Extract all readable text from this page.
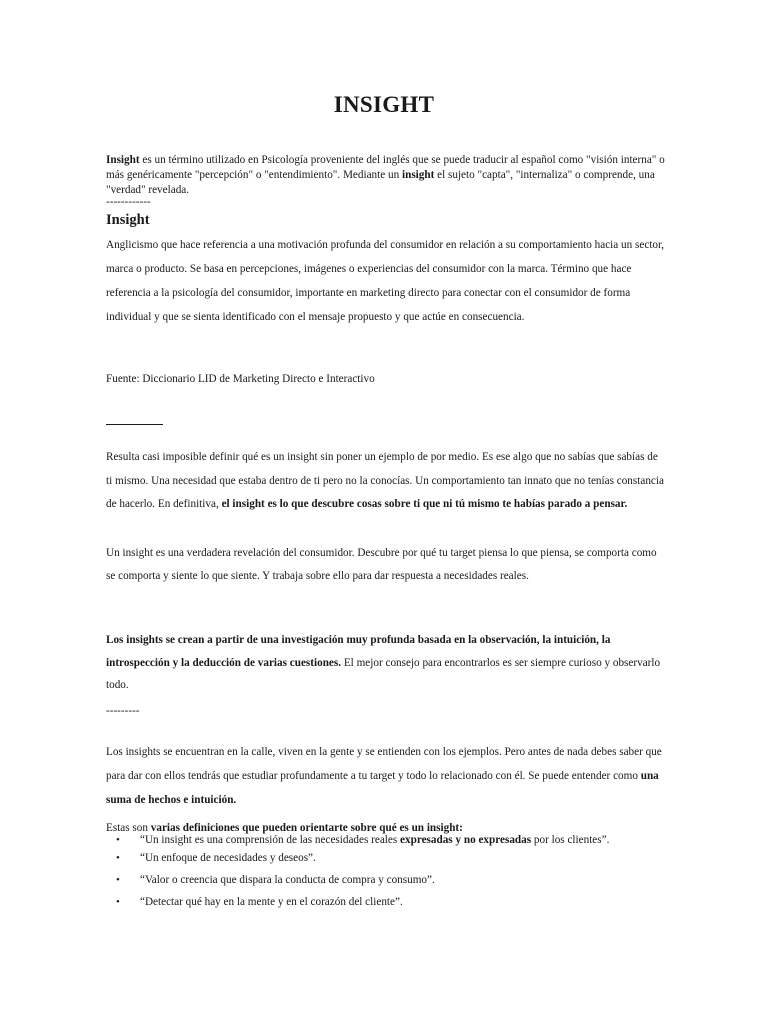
INSIGHT

Insight es un término utilizado en Psicología proveniente del inglés que se puede traducir al español como "visión interna" o más genéricamente "percepción" o "entendimiento". Mediante un insight el sujeto "capta", "internaliza" o comprende, una "verdad" revelada.

------------

Insight

Anglicismo que hace referencia a una motivación profunda del consumidor en relación a su comportamiento hacia un sector, marca o producto. Se basa en percepciones, imágenes o experiencias del consumidor con la marca. Término que hace referencia a la psicología del consumidor, importante en marketing directo para conectar con el consumidor de forma individual y que se sienta identificado con el mensaje propuesto y que actúe en consecuencia.

Fuente: Diccionario LID de Marketing Directo e Interactivo

Resulta casi imposible definir qué es un insight sin poner un ejemplo de por medio. Es ese algo que no sabías que sabías de ti mismo. Una necesidad que estaba dentro de ti pero no la conocías. Un comportamiento tan innato que no tenías constancia de hacerlo. En definitiva, el insight es lo que descubre cosas sobre ti que ni tú mismo te habías parado a pensar.

Un insight es una verdadera revelación del consumidor. Descubre por qué tu target piensa lo que piensa, se comporta como se comporta y siente lo que siente. Y trabaja sobre ello para dar respuesta a necesidades reales.

Los insights se crean a partir de una investigación muy profunda basada en la observación, la intuición, la introspección y la deducción de varias cuestiones. El mejor consejo para encontrarlos es ser siempre curioso y observarlo todo.

---------

Los insights se encuentran en la calle, viven en la gente y se entienden con los ejemplos. Pero antes de nada debes saber que para dar con ellos tendrás que estudiar profundamente a tu target y todo lo relacionado con él. Se puede entender como una suma de hechos e intuición.

Estas son varias definiciones que pueden orientarte sobre qué es un insight:

• “Un insight es una comprensión de las necesidades reales expresadas y no expresadas por los clientes”.
• “Un enfoque de necesidades y deseos”.
• “Valor o creencia que dispara la conducta de compra y consumo”.
• “Detectar qué hay en la mente y en el corazón del cliente”.
